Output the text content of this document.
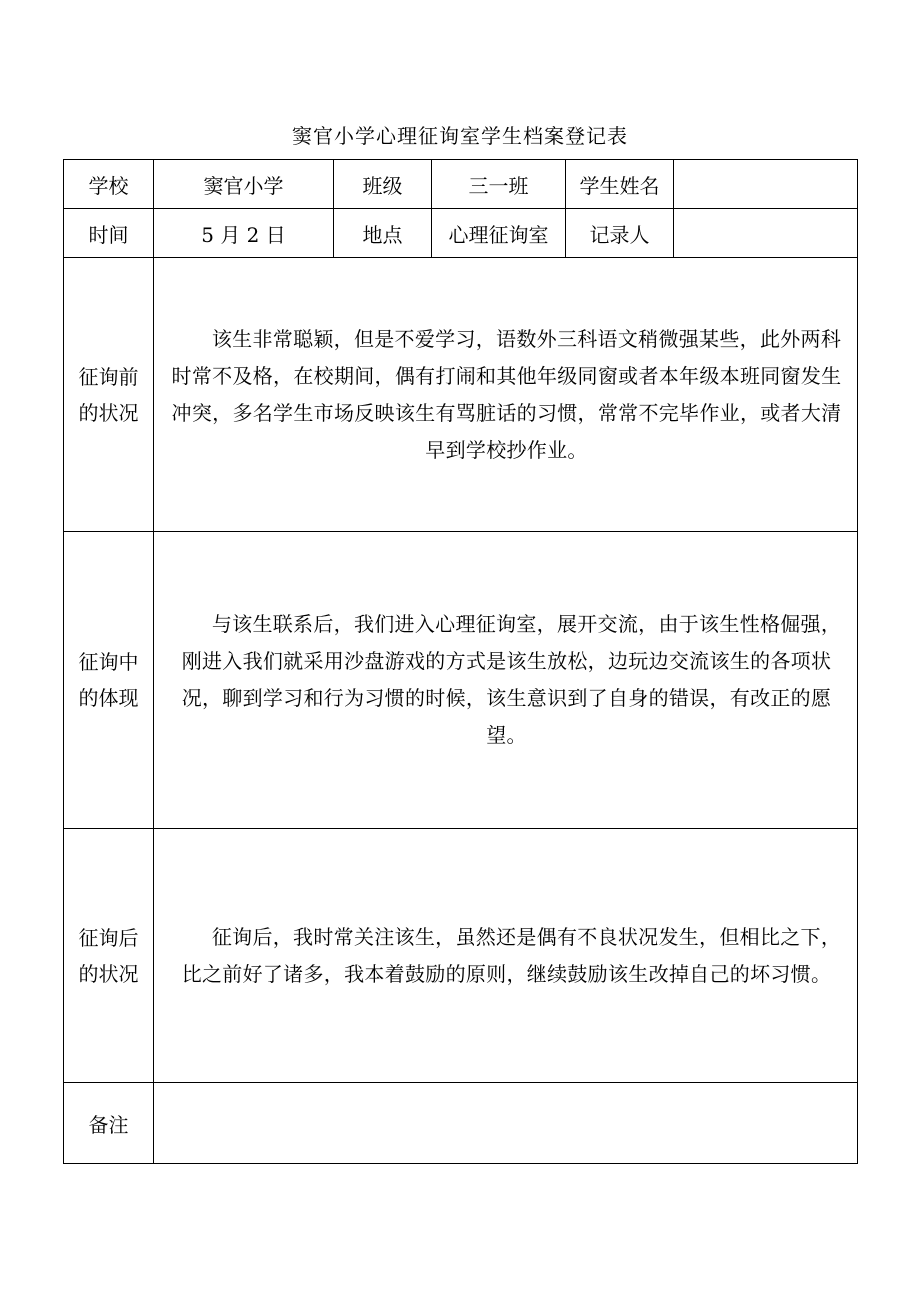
窦官小学心理征询室学生档案登记表
学校	窦官小学	班级	三一班	学生姓名	
时间	5 月 2 日	地点	心理征询室	记录人	

征询前
的状况	该生非常聪颖，但是不爱学习，语数外三科语文稍微强某些，此外两科时常不及格，在校期间，偶有打闹和其他年级同窗或者本年级本班同窗发生冲突，多名学生市场反映该生有骂脏话的习惯，常常不完毕作业，或者大清早到学校抄作业。				

征询中
的体现	与该生联系后，我们进入心理征询室，展开交流，由于该生性格倔强，刚进入我们就采用沙盘游戏的方式是该生放松，边玩边交流该生的各项状况，聊到学习和行为习惯的时候，该生意识到了自身的错误，有改正的愿望。				

征询后
的状况	征询后，我时常关注该生，虽然还是偶有不良状况发生，但相比之下，比之前好了诸多，我本着鼓励的原则，继续鼓励该生改掉自己的坏习惯。				
备注					
